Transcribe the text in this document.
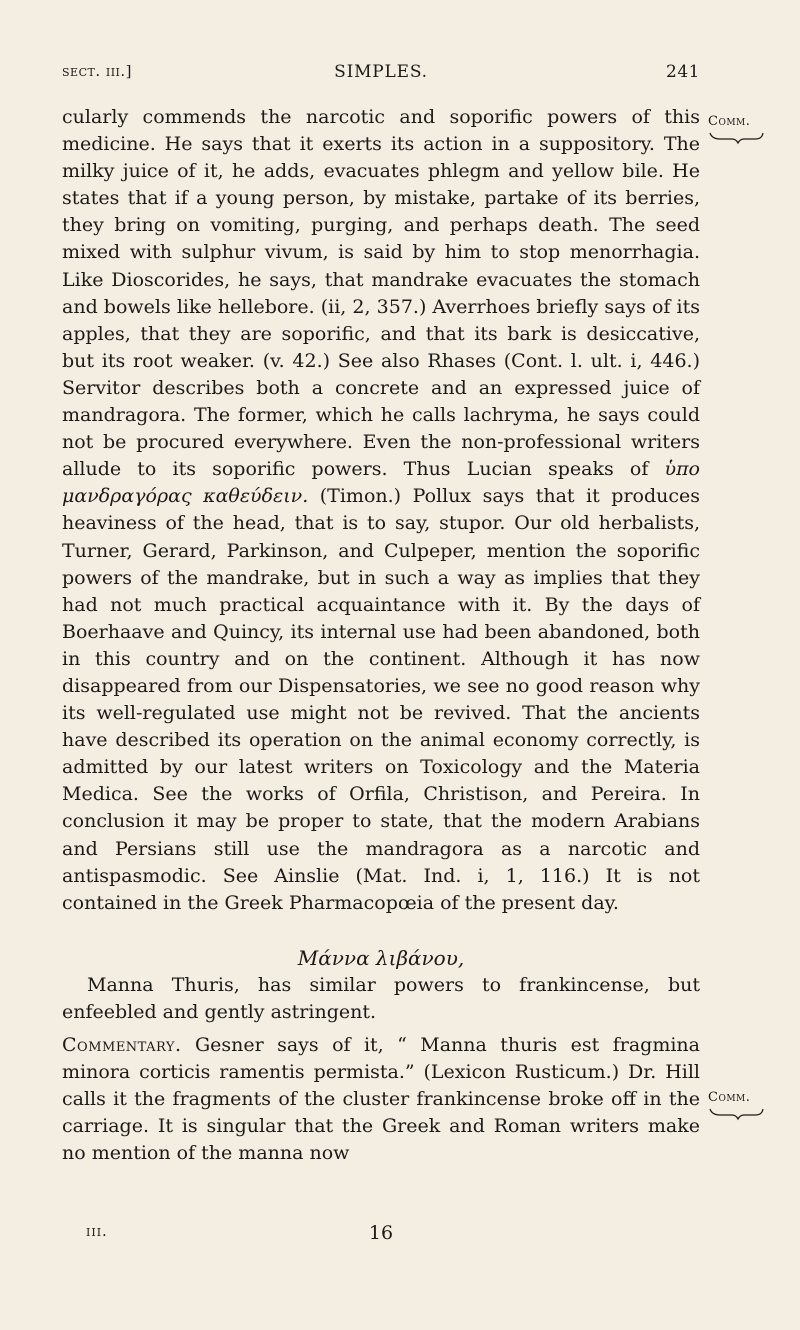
sect. iii.]	SIMPLES.	241
Comm.
Comm.

cularly commends the narcotic and soporific powers of this medicine. He says that it exerts its action in a suppository. The milky juice of it, he adds, evacuates phlegm and yellow bile. He states that if a young person, by mistake, partake of its berries, they bring on vomiting, purging, and perhaps death. The seed mixed with sulphur vivum, is said by him to stop menorrhagia. Like Dioscorides, he says, that mandrake evacuates the stomach and bowels like hellebore. (ii, 2, 357.) Averrhoes briefly says of its apples, that they are soporific, and that its bark is desiccative, but its root weaker. (v. 42.) See also Rhases (Cont. l. ult. i, 446.) Servitor describes both a concrete and an expressed juice of mandragora. The former, which he calls lachryma, he says could not be procured everywhere. Even the non-professional writers allude to its soporific powers. Thus Lucian speaks of ὑπο μανδραγόρας καθεύδειν. (Timon.) Pollux says that it produces heaviness of the head, that is to say, stupor. Our old herbalists, Turner, Gerard, Parkinson, and Culpeper, mention the soporific powers of the mandrake, but in such a way as implies that they had not much practical acquaintance with it. By the days of Boerhaave and Quincy, its internal use had been abandoned, both in this country and on the continent. Although it has now disappeared from our Dispensatories, we see no good reason why its well-regulated use might not be revived. That the ancients have described its operation on the animal economy correctly, is admitted by our latest writers on Toxicology and the Materia Medica. See the works of Orfila, Christison, and Pereira. In conclusion it may be proper to state, that the modern Arabians and Persians still use the mandragora as a narcotic and antispasmodic. See Ainslie (Mat. Ind. i, 1, 116.) It is not contained in the Greek Pharmacopœia of the present day.

Μάννα λιβάνου,

Manna Thuris, has similar powers to frankincense, but enfeebled and gently astringent.

Commentary. Gesner says of it, “ Manna thuris est fragmina minora corticis ramentis permista.” (Lexicon Rusticum.) Dr. Hill calls it the fragments of the cluster frankincense broke off in the carriage. It is singular that the Greek and Roman writers make no mention of the manna now

iii.	16
